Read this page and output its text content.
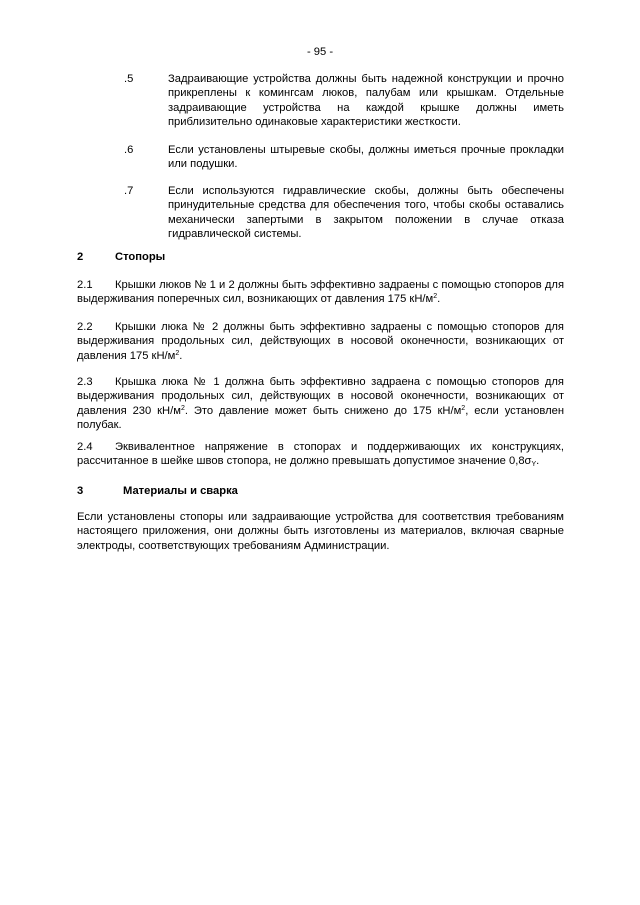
- 95 -
.5	Задраивающие устройства должны быть надежной конструкции и прочно прикреплены к комингсам люков, палубам или крышкам. Отдельные задраивающие устройства на каждой крышке должны иметь приблизительно одинаковые характеристики жесткости.
.6	Если установлены штыревые скобы, должны иметься прочные прокладки или подушки.
.7	Если используются гидравлические скобы, должны быть обеспечены принудительные средства для обеспечения того, чтобы скобы оставались механически запертыми в закрытом положении в случае отказа гидравлической системы.
2	Стопоры
2.1 Крышки люков № 1 и 2 должны быть эффективно задраены с помощью стопоров для выдерживания поперечных сил, возникающих от давления 175 $кН/м^2$.
2.2 Крышки люка № 2 должны быть эффективно задраены с помощью стопоров для выдерживания продольных сил, действующих в носовой оконечности, возникающих от давления 175 $кН/м^2$.
2.3 Крышка люка № 1 должна быть эффективно задраена с помощью стопоров для выдерживания продольных сил, действующих в носовой оконечности, возникающих от давления 230 $кН/м^2$. Это давление может быть снижено до 175 $кН/м^2$, если установлен полубак.
2.4 Эквивалентное напряжение в стопорах и поддерживающих их конструкциях, рассчитанное в шейке швов стопора, не должно превышать допустимое значение $0,8\sigma_Y$.
3	Материалы и сварка
Если установлены стопоры или задраивающие устройства для соответствия требованиям настоящего приложения, они должны быть изготовлены из материалов, включая сварные электроды, соответствующих требованиям Администрации.
